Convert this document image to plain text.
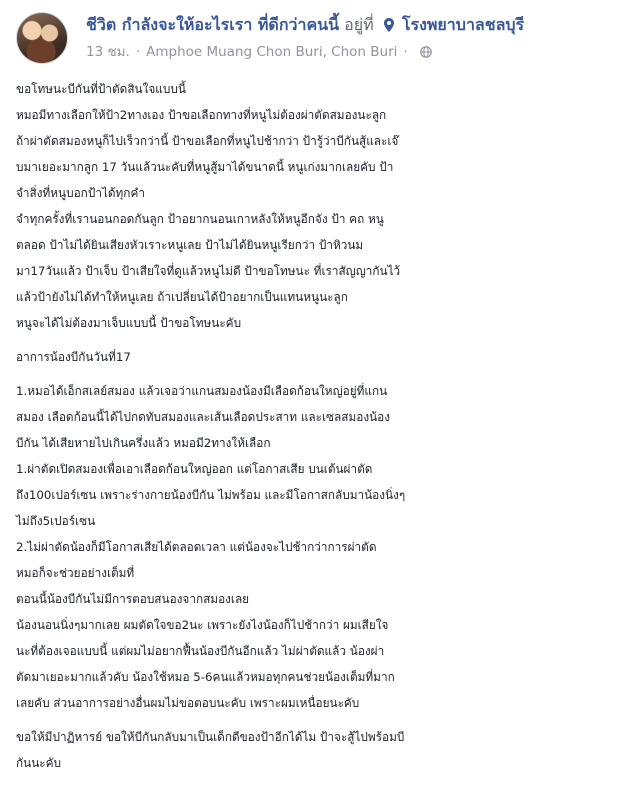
ชีวิต กำลังจะให้อะไรเรา ที่ดีกว่าคนนี้ อยู่ที่ โรงพยาบาลชลบุรี
13 ชม. · Amphoe Muang Chon Buri, Chon Buri ·

ขอโทษนะบีกันที่ป้าตัดสินใจแบบนี้
หมอมีทางเลือกให้ป้า2ทางเอง ป้าขอเลือกทางที่หนูไม่ต้องผ่าตัดสมองนะลูก
ถ้าผ่าตัดสมองหนูก็ไปเร็วกว่านี้ ป้าขอเลือกที่หนูไปช้ากว่า ป้ารู้ว่าบีกันสู้และเจ๊
บมาเยอะมากลูก 17 วันแล้วนะคับที่หนูสู้มาได้ขนาดนี้ หนูเก่งมากเลยคับ ป้า
จำสิ่งที่หนูบอกป้าได้ทุกคำ
จำทุกครั้งที่เรานอนกอดกันลูก ป้าอยากนอนเกาหลังให้หนูอีกจัง ป้า คถ หนู
ตลอด ป้าไม่ได้ยินเสียงหัวเราะหนูเลย ป้าไม่ได้ยินหนูเรียกว่า ป้าหิวนม
มา17วันแล้ว ป้าเจ็บ ป้าเสียใจที่ดูแล้วหนูไม่ดี ป้าขอโทษนะ ที่เราสัญญากันไว้
แล้วป้ายังไม่ได้ทำให้หนูเลย ถ้าเปลี่ยนได้ป้าอยากเป็นแทนหนูนะลูก
หนูจะได้ไม่ต้องมาเจ็บแบบนี้ ป้าขอโทษนะคับ

อาการน้องบีกันวันที่17

1.หมอได้เอ็กสเลย์สมอง แล้วเจอว่าแกนสมองน้องมีเลือดก้อนใหญ่อยู่ที่แกน
สมอง เลือดก้อนนี้ได้ไปกดทับสมองและเส้นเลือดประสาท และเซลสมองน้อง
บีกัน ได้เสียหายไปเกินครึ่งแล้ว หมอมี2ทางให้เลือก
1.ผ่าตัดเปิดสมองเพื่อเอาเลือดก้อนใหญ่ออก แต่โอกาสเสีย บนเต้นผ่าตัด
ถึง100เปอร์เซน เพราะร่างกายน้องบีกัน ไม่พร้อม และมีโอกาสกลับมาน้องนิ่งๆ
ไม่ถึง5เปอร์เซน
2.ไม่ผ่าตัดน้องก็มีโอกาสเสียได้ตลอดเวลา แต่น้องจะไปช้ากว่าการผ่าตัด
หมอก็จะช่วยอย่างเต็มที่
ตอนนี้น้องบีกันไม่มีการตอบสนองจากสมองเลย
น้องนอนนิ่งๆมากเลย ผมตัดใจขอ2นะ เพราะยังไงน้องก็ไปช้ากว่า ผมเสียใจ
นะที่ต้องเจอแบบนี้ แต่ผมไม่อยากฟื้นน้องบีกันอีกแล้ว ไม่ผ่าตัดแล้ว น้องผ่า
ตัดมาเยอะมากแล้วคับ น้องใช้หมอ 5-6คนแล้วหมอทุกคนช่วยน้องเต็มที่มาก
เลยคับ ส่วนอาการอย่างอื่นผมไม่ขอตอบนะคับ เพราะผมเหนื่อยนะคับ

ขอให้มีปาฏิหารย์ ขอให้บีกันกลับมาเป็นเด็กดีของป้าอีกได้ไม ป้าจะสู้ไปพร้อมบี
กันนะคับ
